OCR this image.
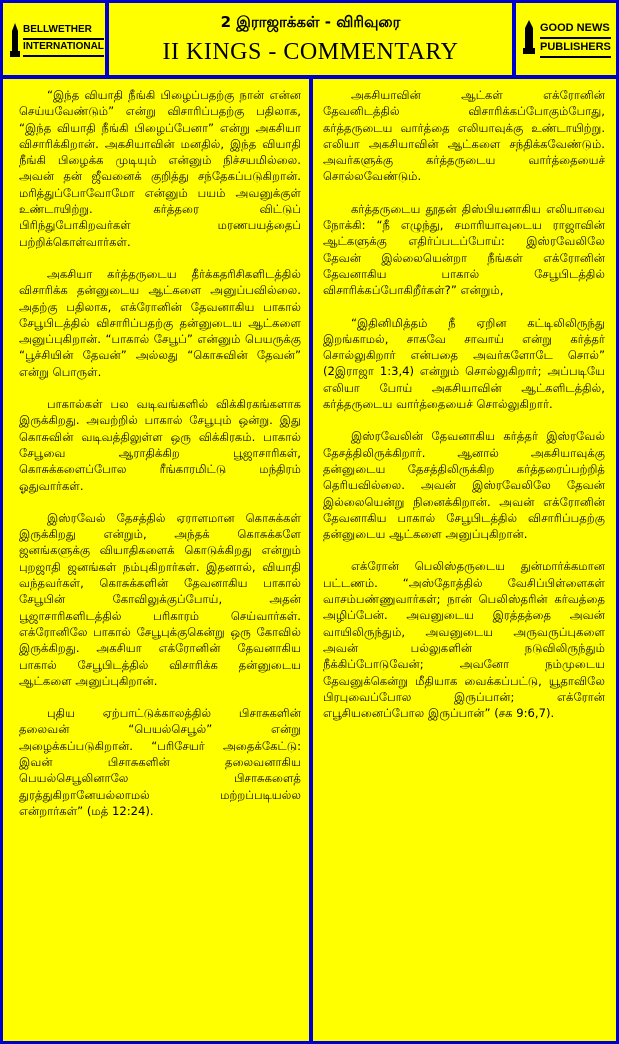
BELLWETHER
INTERNATIONAL
2 இராஜாக்கள் - விரிவுரை
II KINGS - COMMENTARY
GOOD NEWS
PUBLISHERS

“இந்த வியாதி நீங்கி பிழைப்பதற்கு நான் என்ன செய்யவேண்டும்” என்று விசாரிப்பதற்கு பதிலாக, “இந்த வியாதி நீங்கி பிழைப்பேனா” என்று அகசியா விசாரிக்கிறான். அகசியாவின் மனதில், இந்த வியாதி நீங்கி பிழைக்க முடியும் என்னும் நிச்சயமில்லை. அவன் தன் ஜீவனைக் குறித்து சந்தேகப்படுகிறான். மரித்துப்போவோமோ என்னும் பயம் அவனுக்குள் உண்டாயிற்று. கர்த்தரை விட்டுப் பிரிந்துபோகிறவர்கள் மரணபயத்தைப் பற்றிக்கொள்வார்கள்.

அகசியா கர்த்தருடைய தீர்க்கதரிசிகளிடத்தில் விசாரிக்க தன்னுடைய ஆட்களை அனுப்பவில்லை. அதற்கு பதிலாக, எக்ரோனின் தேவனாகிய பாகால் சேபூபிடத்தில் விசாரிப்பதற்கு தன்னுடைய ஆட்களை அனுப்புகிறான். “பாகால் சேபூப்” என்னும் பெயருக்கு “பூச்சியின் தேவன்” அல்லது “கொசுவின் தேவன்” என்று பொருள்.

பாகால்கள் பல வடிவங்களில் விக்கிரகங்களாக இருக்கிறது. அவற்றில் பாகால் சேபூபும் ஒன்று. இது கொசுவின் வடிவத்திலுள்ள ஒரு விக்கிரகம். பாகால் சேபூவை ஆராதிக்கிற பூஜாசாரிகள், கொசுக்களைப்போல ரீங்காரமிட்டு மந்திரம் ஓதுவார்கள்.

இஸ்ரவேல் தேசத்தில் ஏராளமான கொசுக்கள் இருக்கிறது என்றும், அந்தக் கொசுக்களே ஜனங்களுக்கு வியாதிகளைக் கொடுக்கிறது என்றும் புறஜாதி ஜனங்கள் நம்புகிறார்கள். இதனால், வியாதி வந்தவர்கள், கொசுக்களின் தேவனாகிய பாகால் சேபூபின் கோவிலுக்குப்போய், அதன் பூஜாசாரிகளிடத்தில் பரிகாரம் செய்வார்கள். எக்ரோனிலே பாகால் சேபூபுக்குகென்று ஒரு கோவில் இருக்கிறது. அகசியா எக்ரோனின் தேவனாகிய பாகால் சேபூபிடத்தில் விசாரிக்க தன்னுடைய ஆட்களை அனுப்புகிறான்.

புதிய ஏற்பாட்டுக்காலத்தில் பிசாசுகளின் தலைவன் “பெயல்செபூல்” என்று அழைக்கப்படுகிறான். “பரிசேயர் அதைக்கேட்டு: இவன் பிசாசுகளின் தலைவனாகிய பெயல்செபூலினாலே பிசாசுகளைத் துரத்துகிறானேயல்லாமல் மற்றப்படியல்ல என்றார்கள்” (மத் 12:24).

அகசியாவின் ஆட்கள் எக்ரோனின் தேவனிடத்தில் விசாரிக்கப்போகும்போது, கர்த்தருடைய வார்த்தை எலியாவுக்கு உண்டாயிற்று. எலியா அகசியாவின் ஆட்களை சந்திக்கவேண்டும். அவர்களுக்கு கர்த்தருடைய வார்த்தையைச் சொல்லவேண்டும்.

கர்த்தருடைய தூதன் திஸ்பியனாகிய எலியாவை நோக்கி: “நீ எழுந்து, சமாரியாவுடைய ராஜாவின் ஆட்களுக்கு எதிர்ப்படப்போய்: இஸ்ரவேலிலே தேவன் இல்லையென்றா நீங்கள் எக்ரோனின் தேவனாகிய பாகால் சேபூபிடத்தில் விசாரிக்கப்போகிறீர்கள்?” என்றும்,

“இதினிமித்தம் நீ ஏறின கட்டிலிலிருந்து இறங்காமல், சாகவே சாவாய் என்று கர்த்தர் சொல்லுகிறார் என்பதை அவர்களோடே சொல்” (2இராஜா 1:3,4) என்றும் சொல்லுகிறார்; அப்படியே எலியா போய் அகசியாவின் ஆட்களிடத்தில், கர்த்தருடைய வார்த்தையைச் சொல்லுகிறார்.

இஸ்ரவேலின் தேவனாகிய கர்த்தர் இஸ்ரவேல் தேசத்திலிருக்கிறார். ஆனால் அகசியாவுக்கு தன்னுடைய தேசத்திலிருக்கிற கர்த்தரைப்பற்றித் தெரியவில்லை. அவன் இஸ்ரவேலிலே தேவன் இல்லையென்று நினைக்கிறான். அவன் எக்ரோனின் தேவனாகிய பாகால் சேபூபிடத்தில் விசாரிப்பதற்கு தன்னுடைய ஆட்களை அனுப்புகிறான்.

எக்ரோன் பெலிஸ்தருடைய துன்மார்க்கமான பட்டணம். “அஸ்தோத்தில் வேசிப்பிள்ளைகள் வாசம்பண்ணுவார்கள்; நான் பெலிஸ்தரின் கர்வத்தை அழிப்பேன். அவனுடைய இரத்தத்தை அவன் வாயிலிருந்தும், அவனுடைய அருவருப்புகளை அவன் பல்லுகளின் நடுவிலிருந்தும் நீக்கிப்போடுவேன்; அவனோ நம்முடைய தேவனுக்கென்று மீதியாக வைக்கப்பட்டு, யூதாவிலே பிரபுவைப்போல இருப்பான்; எக்ரோன் எபூசியனைப்போல இருப்பான்” (சக 9:6,7).
